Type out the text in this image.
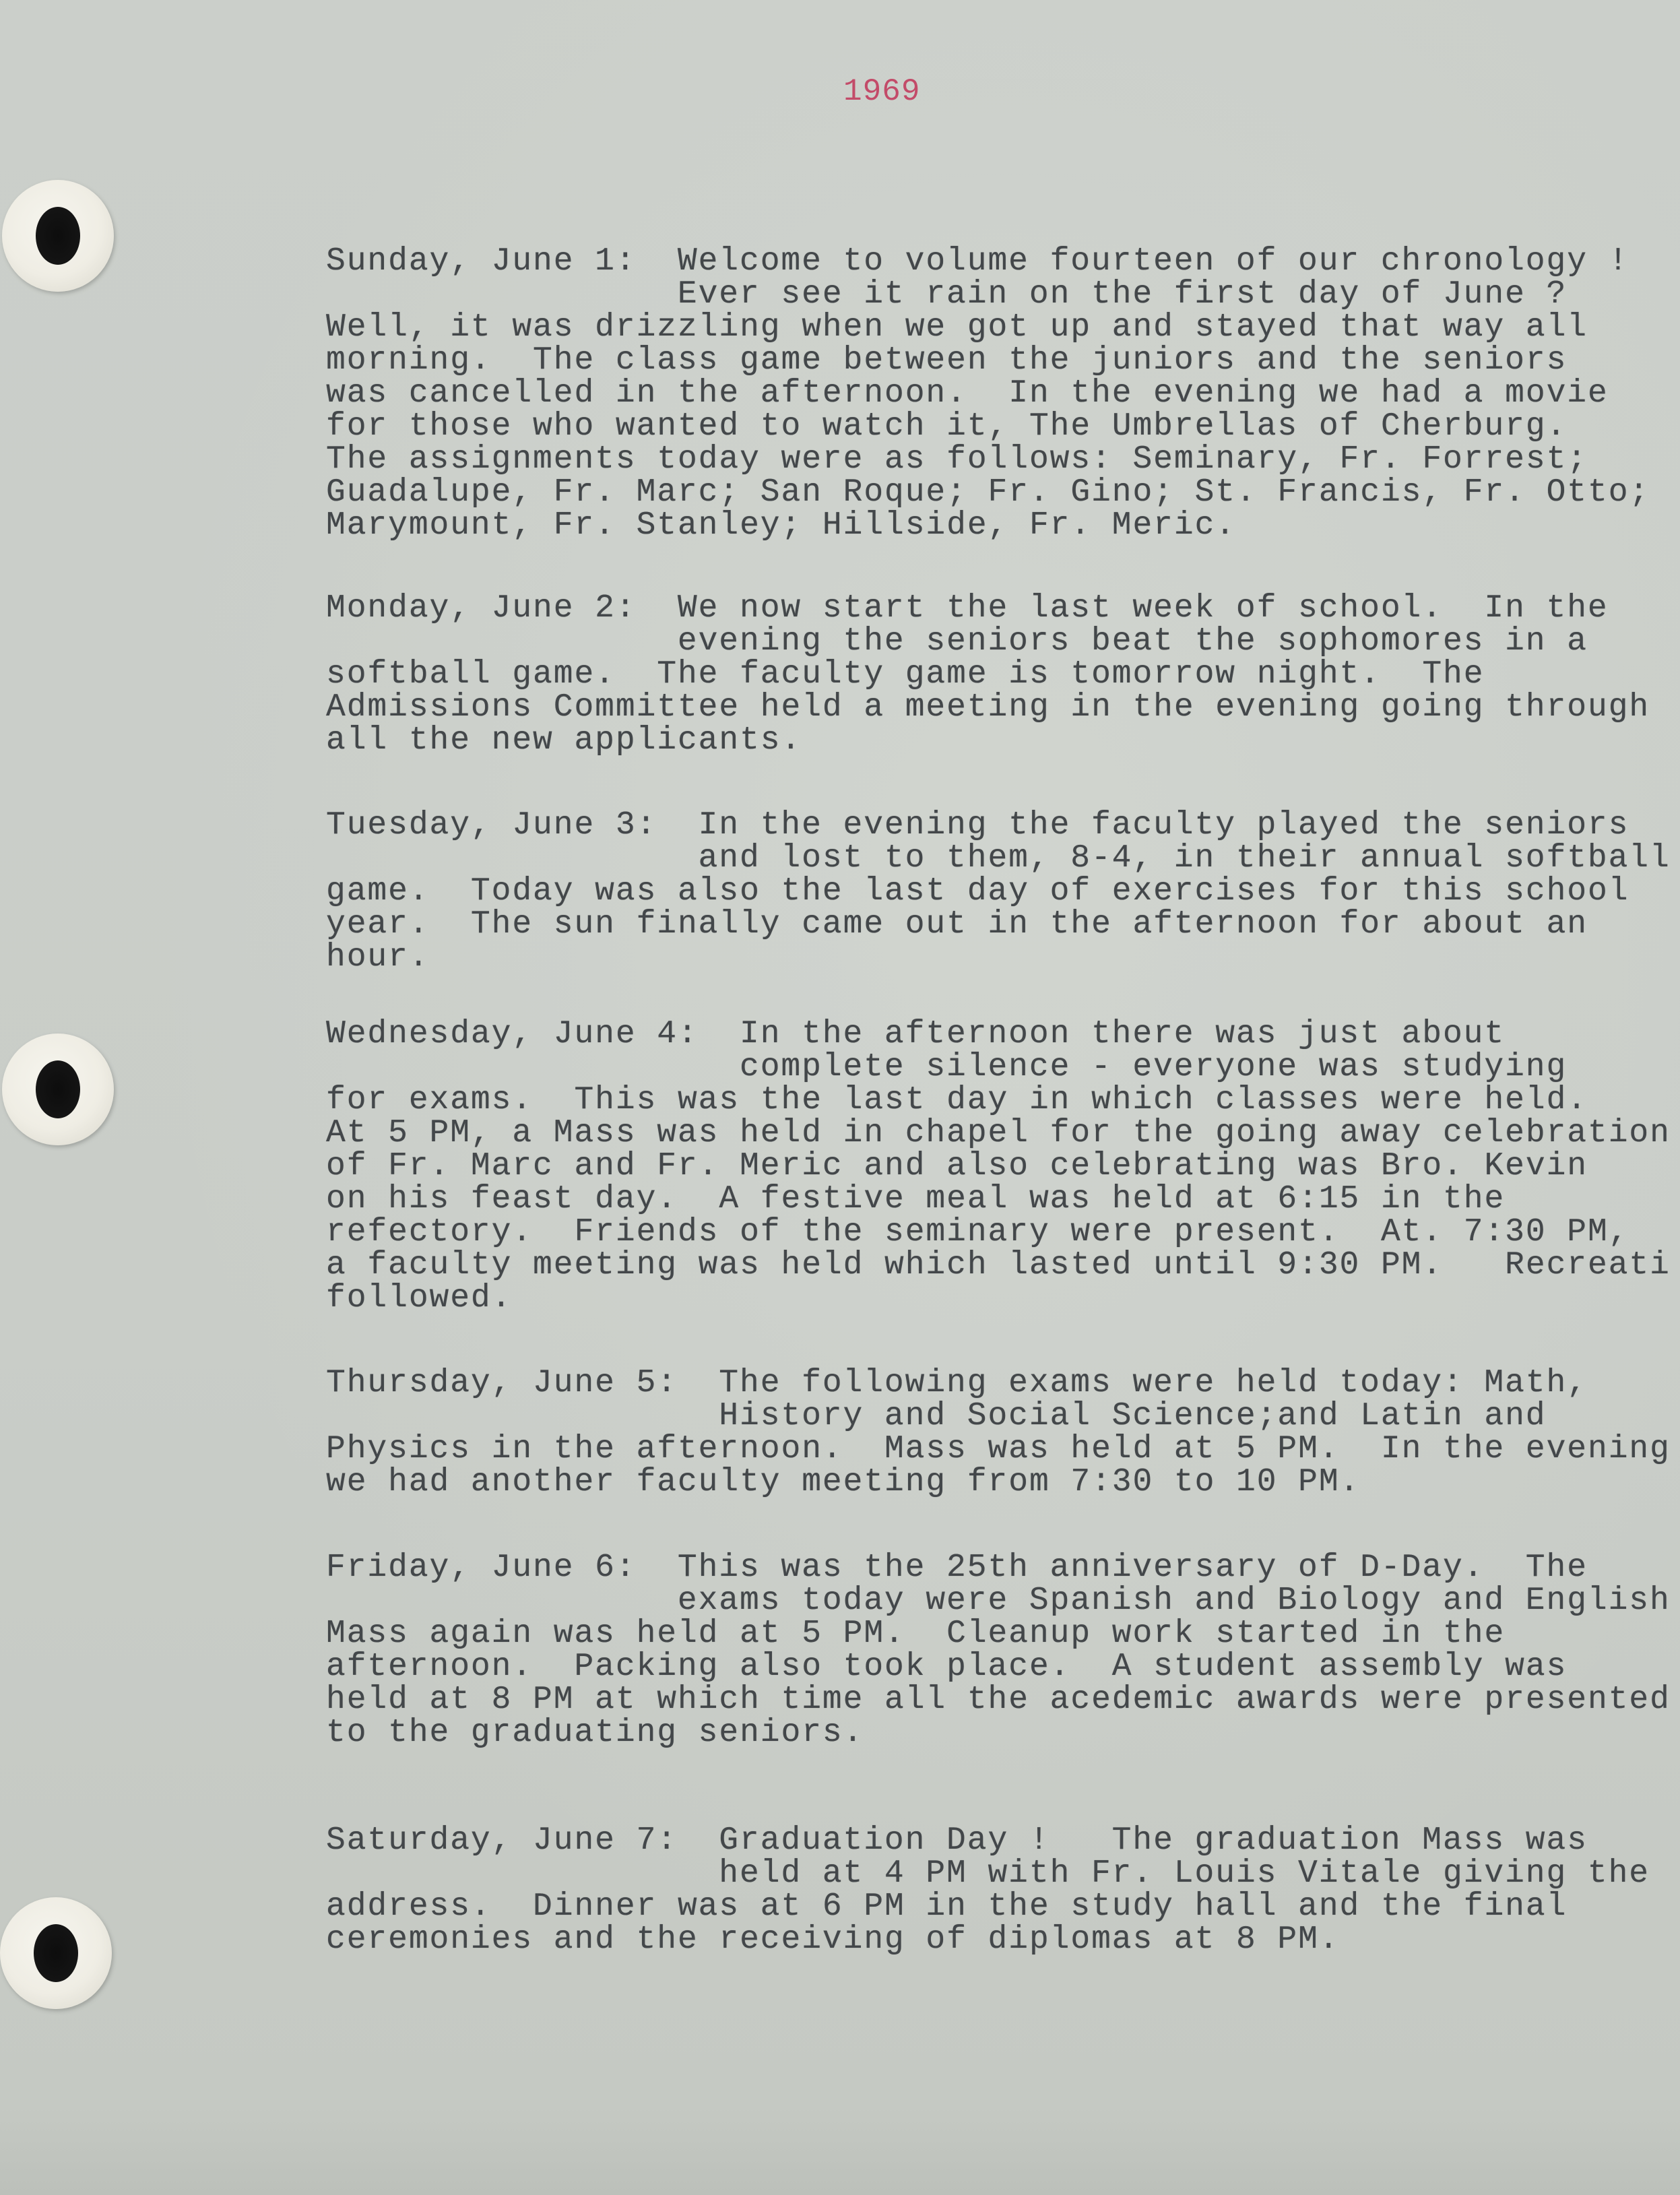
1969
Sunday, June 1: Welcome to volume fourteen of our chronology !
Ever see it rain on the first day of June ?
Well, it was drizzling when we got up and stayed that way all
morning.  The class game between the juniors and the seniors
was cancelled in the afternoon.  In the evening we had a movie
for those who wanted to watch it, The Umbrellas of Cherburg.
The assignments today were as follows: Seminary, Fr. Forrest;
Guadalupe, Fr. Marc; San Roque; Fr. Gino; St. Francis, Fr. Otto;
Marymount, Fr. Stanley; Hillside, Fr. Meric.
Monday, June 2: We now start the last week of school.  In the
evening the seniors beat the sophomores in a
softball game.  The faculty game is tomorrow night.  The
Admissions Committee held a meeting in the evening going through
all the new applicants.
Tuesday, June 3: In the evening the faculty played the seniors
and lost to them, 8-4, in their annual softball
game.  Today was also the last day of exercises for this school
year.  The sun finally came out in the afternoon for about an
hour.
Wednesday, June 4: In the afternoon there was just about
complete silence - everyone was studying
for exams.  This was the last day in which classes were held.
At 5 PM, a Mass was held in chapel for the going away celebration
of Fr. Marc and Fr. Meric and also celebrating was Bro. Kevin
on his feast day.  A festive meal was held at 6:15 in the
refectory.  Friends of the seminary were present.  At. 7:30 PM,
a faculty meeting was held which lasted until 9:30 PM.   Recreati
followed.
Thursday, June 5: The following exams were held today: Math,
History and Social Science;and Latin and
Physics in the afternoon.  Mass was held at 5 PM.  In the evening
we had another faculty meeting from 7:30 to 10 PM.
Friday, June 6: This was the 25th anniversary of D-Day.  The
exams today were Spanish and Biology and English
Mass again was held at 5 PM.  Cleanup work started in the
afternoon.  Packing also took place.  A student assembly was
held at 8 PM at which time all the acedemic awards were presented
to the graduating seniors.
Saturday, June 7: Graduation Day !   The graduation Mass was
held at 4 PM with Fr. Louis Vitale giving the
address.  Dinner was at 6 PM in the study hall and the final
ceremonies and the receiving of diplomas at 8 PM.
